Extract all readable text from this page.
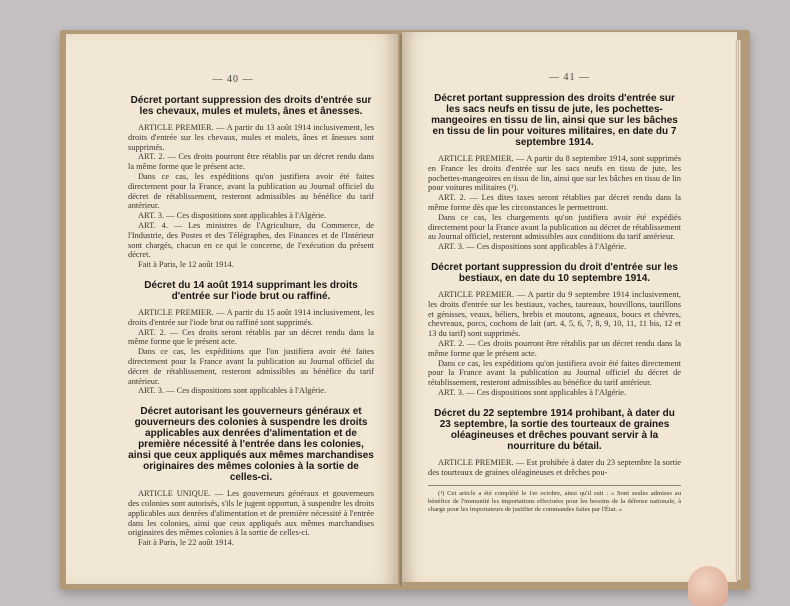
— 40 —
Décret portant suppression des droits d'entrée sur les chevaux, mules et mulets, ânes et ânesses.

ARTICLE PREMIER. — A partir du 13 août 1914 inclusivement, les droits d'entrée sur les chevaux, mules et mulets, ânes et ânesses sont supprimés.

ART. 2. — Ces droits pourront être rétablis par un décret rendu dans la même forme que le présent acte.

Dans ce cas, les expéditions qu'on justifiera avoir été faites directement pour la France, avant la publication au Journal officiel du décret de rétablissement, resteront admissibles au bénéfice du tarif antérieur.

ART. 3. — Ces dispositions sont applicables à l'Algérie.

ART. 4. — Les ministres de l'Agriculture, du Commerce, de l'Industrie, des Postes et des Télégraphes, des Finances et de l'Intérieur sont chargés, chacun en ce qui le concerne, de l'exécution du présent décret.

Fait à Paris, le 12 août 1914.

Décret du 14 août 1914 supprimant les droits d'entrée sur l'iode brut ou raffiné.

ARTICLE PREMIER. — A partir du 15 août 1914 inclusivement, les droits d'entrée sur l'iode brut ou raffiné sont supprimés.

ART. 2. — Ces droits seront rétablis par un décret rendu dans la même forme que le présent acte.

Dans ce cas, les expéditions que l'on justifiera avoir été faites directement pour la France avant la publication au Journal officiel du décret de rétablissement, resteront admissibles au bénéfice du tarif antérieur.

ART. 3. — Ces dispositions sont applicables à l'Algérie.

Décret autorisant les gouverneurs généraux et gouverneurs des colonies à suspendre les droits applicables aux denrées d'alimentation et de première nécessité à l'entrée dans les colonies, ainsi que ceux appliqués aux mêmes marchandises originaires des mêmes colonies à la sortie de celles-ci.

ARTICLE UNIQUE. — Les gouverneurs généraux et gouverneurs des colonies sont autorisés, s'ils le jugent opportun, à suspendre les droits applicables aux denrées d'alimentation et de première nécessité à l'entrée dans les colonies, ainsi que ceux appliqués aux mêmes marchandises originaires des mêmes colonies à la sortie de celles-ci.

Fait à Paris, le 22 août 1914.

— 41 —
Décret portant suppression des droits d'entrée sur les sacs neufs en tissu de jute, les pochettes-mangeoires en tissu de lin, ainsi que sur les bâches en tissu de lin pour voitures militaires, en date du 7 septembre 1914.

ARTICLE PREMIER. — A partir du 8 septembre 1914, sont supprimés en France les droits d'entrée sur les sacs neufs en tissu de jute, les pochettes-mangeoires en tissu de lin, ainsi que sur les bâches en tissu de lin pour voitures militaires (¹).

ART. 2. — Les dites taxes seront rétablies par décret rendu dans la même forme dès que les circonstances le permettront.

Dans ce cas, les chargements qu'on justifiera avoir été expédiés directement pour la France avant la publication au décret de rétablissement au Journal officiel, resteront admissibles aux conditions du tarif antérieur.

ART. 3. — Ces dispositions sont applicables à l'Algérie.

Décret portant suppression du droit d'entrée sur les bestiaux, en date du 10 septembre 1914.

ARTICLE PREMIER. — A partir du 9 septembre 1914 inclusivement, les droits d'entrée sur les bestiaux, vaches, taureaux, bouvillons, taurillons et génisses, veaux, béliers, brebis et moutons, agneaux, boucs et chèvres, chevreaux, porcs, cochons de lait (art. 4, 5, 6, 7, 8, 9, 10, 11, 11 bis, 12 et 13 du tarif) sont supprimés.

ART. 2. — Ces droits pourront être rétablis par un décret rendu dans la même forme que le présent acte.

Dans ce cas, les expéditions qu'on justifiera avoir été faites directement pour la France avant la publication au Journal officiel du décret de rétablissement, resteront admissibles au bénéfice du tarif antérieur.

ART. 3. — Ces dispositions sont applicables à l'Algérie.

Décret du 22 septembre 1914 prohibant, à dater du 23 septembre, la sortie des tourteaux de graines oléagineuses et drêches pouvant servir à la nourriture du bétail.

ARTICLE PREMIER. — Est prohibée à dater du 23 septembre la sortie des tourteaux de graines oléagineuses et drêches pou-

(¹) Cet article a été complété le 1er octobre, ainsi qu'il suit : « Sont seules admises au bénéfice de l'immunité les importations effectuées pour les besoins de la défense nationale, à charge pour les importateurs de justifier de commandes faites par l'État. »
